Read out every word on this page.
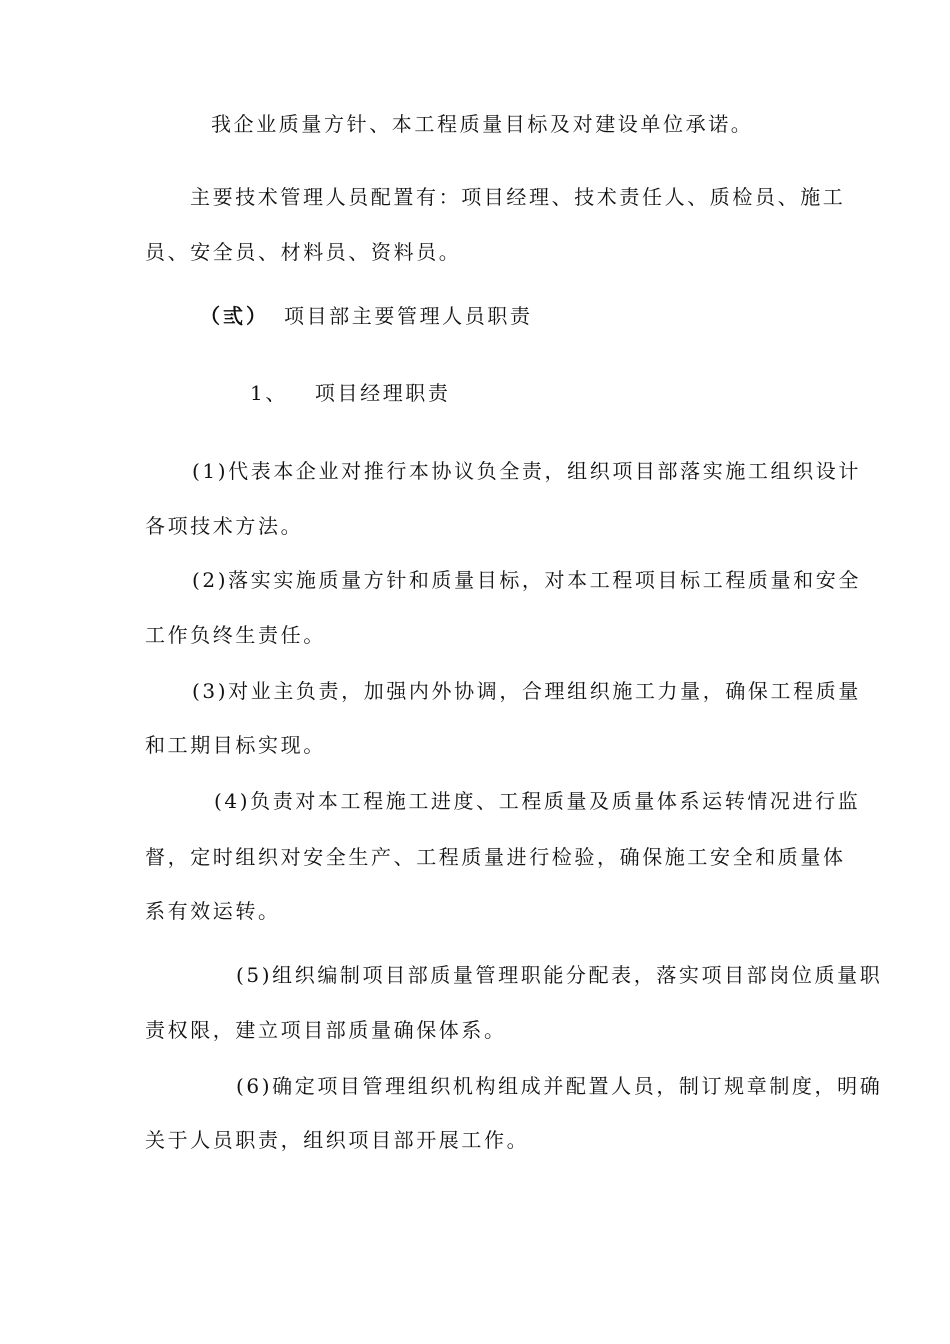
我企业质量方针、本工程质量目标及对建设单位承诺。
主要技术管理人员配置有：项目经理、技术责任人、质检员、施工
员、安全员、材料员、资料员。
（弎） 项目部主要管理人员职责
1、 项目经理职责
(1)代表本企业对推行本协议负全责，组织项目部落实施工组织设计
各项技术方法。
(2)落实实施质量方针和质量目标，对本工程项目标工程质量和安全
工作负终生责任。
(3)对业主负责，加强内外协调，合理组织施工力量，确保工程质量
和工期目标实现。
(4)负责对本工程施工进度、工程质量及质量体系运转情况进行监
督，定时组织对安全生产、工程质量进行检验，确保施工安全和质量体
系有效运转。
(5)组织编制项目部质量管理职能分配表，落实项目部岗位质量职
责权限，建立项目部质量确保体系。
(6)确定项目管理组织机构组成并配置人员，制订规章制度，明确
关于人员职责，组织项目部开展工作。
